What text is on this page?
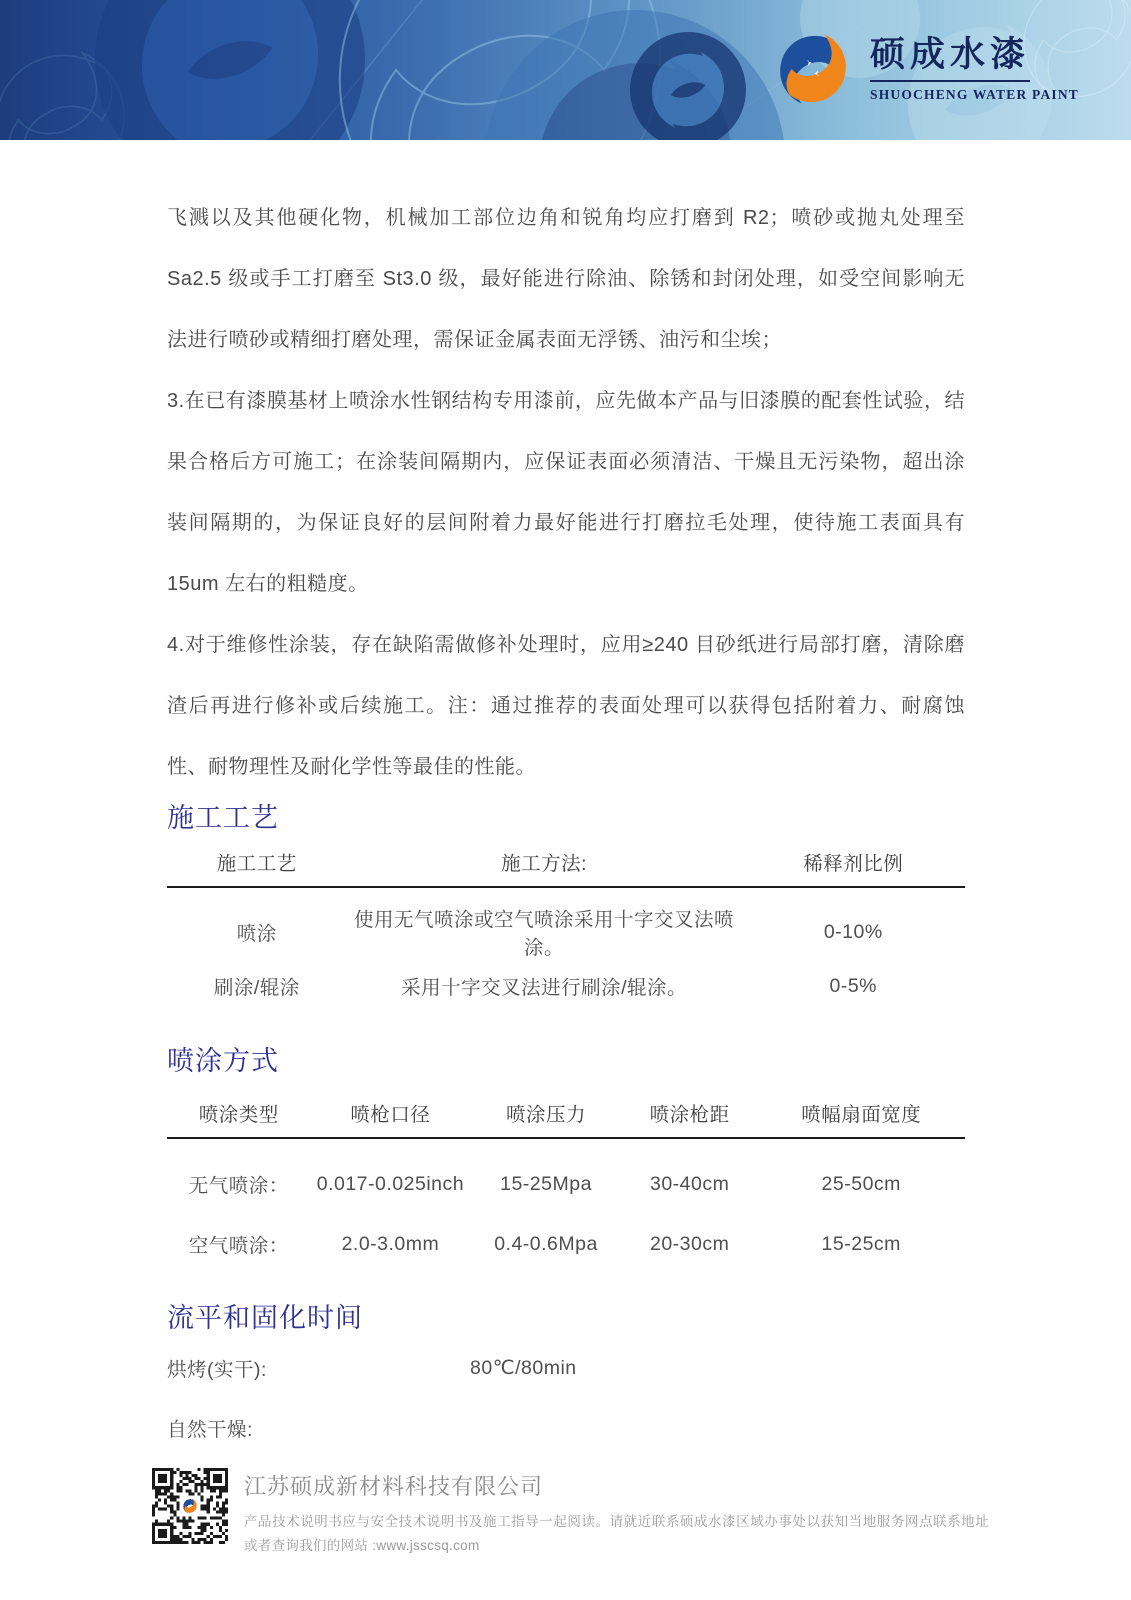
硕成水漆
SHUOCHENG WATER PAINT

飞溅以及其他硬化物，机械加工部位边角和锐角均应打磨到 R2；喷砂或抛丸处理至 Sa2.5 级或手工打磨至 St3.0 级，最好能进行除油、除锈和封闭处理，如受空间影响无法进行喷砂或精细打磨处理，需保证金属表面无浮锈、油污和尘埃；

3.在已有漆膜基材上喷涂水性钢结构专用漆前，应先做本产品与旧漆膜的配套性试验，结果合格后方可施工；在涂装间隔期内，应保证表面必须清洁、干燥且无污染物，超出涂装间隔期的，为保证良好的层间附着力最好能进行打磨拉毛处理，使待施工表面具有 15um 左右的粗糙度。

4.对于维修性涂装，存在缺陷需做修补处理时，应用≥240 目砂纸进行局部打磨，清除磨渣后再进行修补或后续施工。注：通过推荐的表面处理可以获得包括附着力、耐腐蚀性、耐物理性及耐化学性等最佳的性能。

施工工艺
施工工艺	施工方法:	稀释剂比例
喷涂	使用无气喷涂或空气喷涂采用十字交叉法喷涂。	0-10%
刷涂/辊涂	采用十字交叉法进行刷涂/辊涂。	0-5%
喷涂方式
喷涂类型	喷枪口径	喷涂压力	喷涂枪距	喷幅扇面宽度
无气喷涂：	0.017-0.025inch	15-25Mpa	30-40cm	25-50cm
空气喷涂：	2.0-3.0mm	0.4-0.6Mpa	20-30cm	15-25cm
流平和固化时间
烘烤(实干):	80℃/80min
自然干燥:

江苏硕成新材料科技有限公司

产品技术说明书应与安全技术说明书及施工指导一起阅读。请就近联系硕成水漆区域办事处以获知当地服务网点联系地址或者查询我们的网站 :www.jsscsq.com
